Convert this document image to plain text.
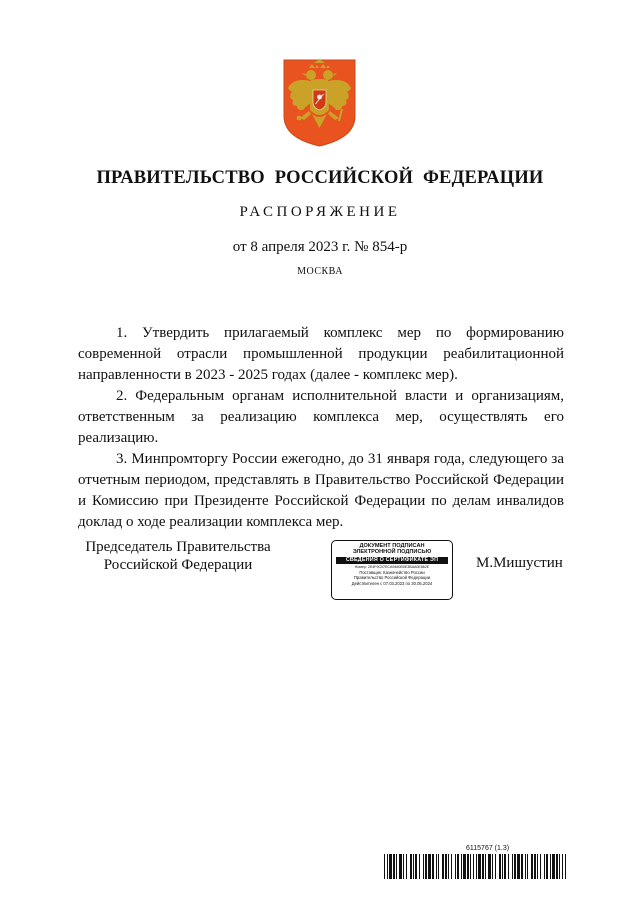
ПРАВИТЕЛЬСТВО РОССИЙСКОЙ ФЕДЕРАЦИИ
РАСПОРЯЖЕНИЕ
от 8 апреля 2023 г. № 854-р
МОСКВА

1. Утвердить прилагаемый комплекс мер по формированию современной отрасли промышленной продукции реабилитационной направленности в 2023 - 2025 годах (далее - комплекс мер).

2. Федеральным органам исполнительной власти и организациям, ответственным за реализацию комплекса мер, осуществлять его реализацию.

3. Минпромторгу России ежегодно, до 31 января года, следующего за отчетным периодом, представлять в Правительство Российской Федерации и Комиссию при Президенте Российской Федерации по делам инвалидов доклад о ходе реализации комплекса мер.

Председатель Правительства
Российской Федерации
ДОКУМЕНТ ПОДПИСАН
ЭЛЕКТРОННОЙ ПОДПИСЬЮ
СВЕДЕНИЯ О СЕРТИФИКАТЕ ЭП
Номер: 2E4F9C07ECA9460B0E3BAA0E862E
Поставщик: Казначейство России
Правительство Российской Федерации
Действителен с 07.03.2023 по 30.05.2024
М.Мишустин
6115767 (1.3)
